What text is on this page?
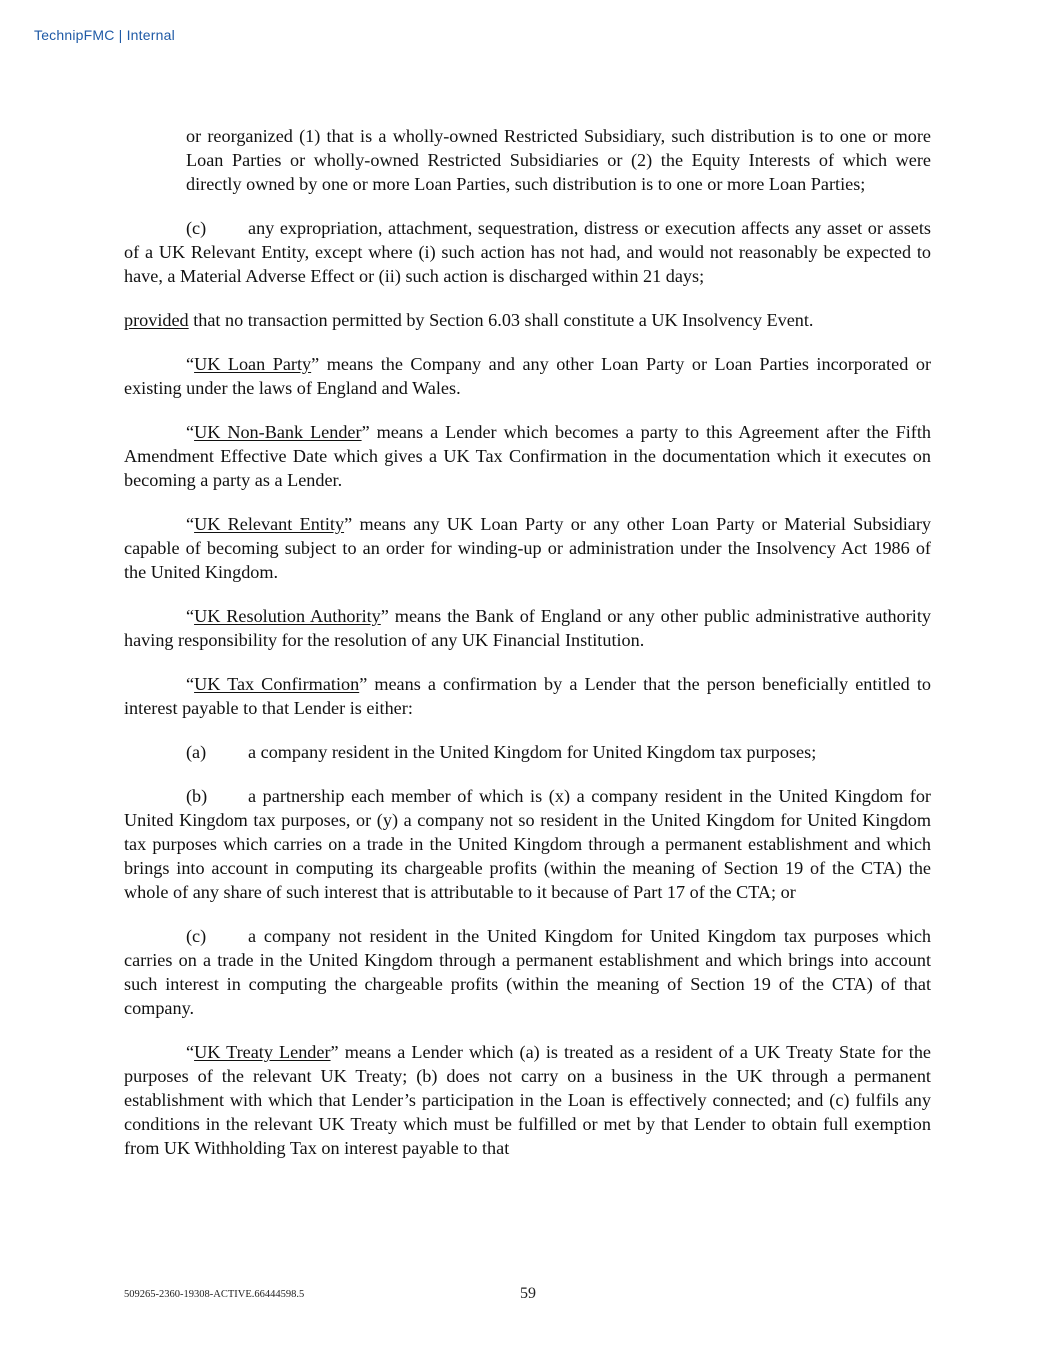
TechnipFMC | Internal

or reorganized (1) that is a wholly-owned Restricted Subsidiary, such distribution is to one or more Loan Parties or wholly-owned Restricted Subsidiaries or (2) the Equity Interests of which were directly owned by one or more Loan Parties, such distribution is to one or more Loan Parties;

(c) any expropriation, attachment, sequestration, distress or execution affects any asset or assets of a UK Relevant Entity, except where (i) such action has not had, and would not reasonably be expected to have, a Material Adverse Effect or (ii) such action is discharged within 21 days;

provided that no transaction permitted by Section 6.03 shall constitute a UK Insolvency Event.

“UK Loan Party” means the Company and any other Loan Party or Loan Parties incorporated or existing under the laws of England and Wales.

“UK Non-Bank Lender” means a Lender which becomes a party to this Agreement after the Fifth Amendment Effective Date which gives a UK Tax Confirmation in the documentation which it executes on becoming a party as a Lender.

“UK Relevant Entity” means any UK Loan Party or any other Loan Party or Material Subsidiary capable of becoming subject to an order for winding-up or administration under the Insolvency Act 1986 of the United Kingdom.

“UK Resolution Authority” means the Bank of England or any other public administrative authority having responsibility for the resolution of any UK Financial Institution.

“UK Tax Confirmation” means a confirmation by a Lender that the person beneficially entitled to interest payable to that Lender is either:

(a) a company resident in the United Kingdom for United Kingdom tax purposes;

(b) a partnership each member of which is (x) a company resident in the United Kingdom for United Kingdom tax purposes, or (y) a company not so resident in the United Kingdom for United Kingdom tax purposes which carries on a trade in the United Kingdom through a permanent establishment and which brings into account in computing its chargeable profits (within the meaning of Section 19 of the CTA) the whole of any share of such interest that is attributable to it because of Part 17 of the CTA; or

(c) a company not resident in the United Kingdom for United Kingdom tax purposes which carries on a trade in the United Kingdom through a permanent establishment and which brings into account such interest in computing the chargeable profits (within the meaning of Section 19 of the CTA) of that company.

“UK Treaty Lender” means a Lender which (a) is treated as a resident of a UK Treaty State for the purposes of the relevant UK Treaty; (b) does not carry on a business in the UK through a permanent establishment with which that Lender’s participation in the Loan is effectively connected; and (c) fulfils any conditions in the relevant UK Treaty which must be fulfilled or met by that Lender to obtain full exemption from UK Withholding Tax on interest payable to that

509265-2360-19308-ACTIVE.66444598.5	59
